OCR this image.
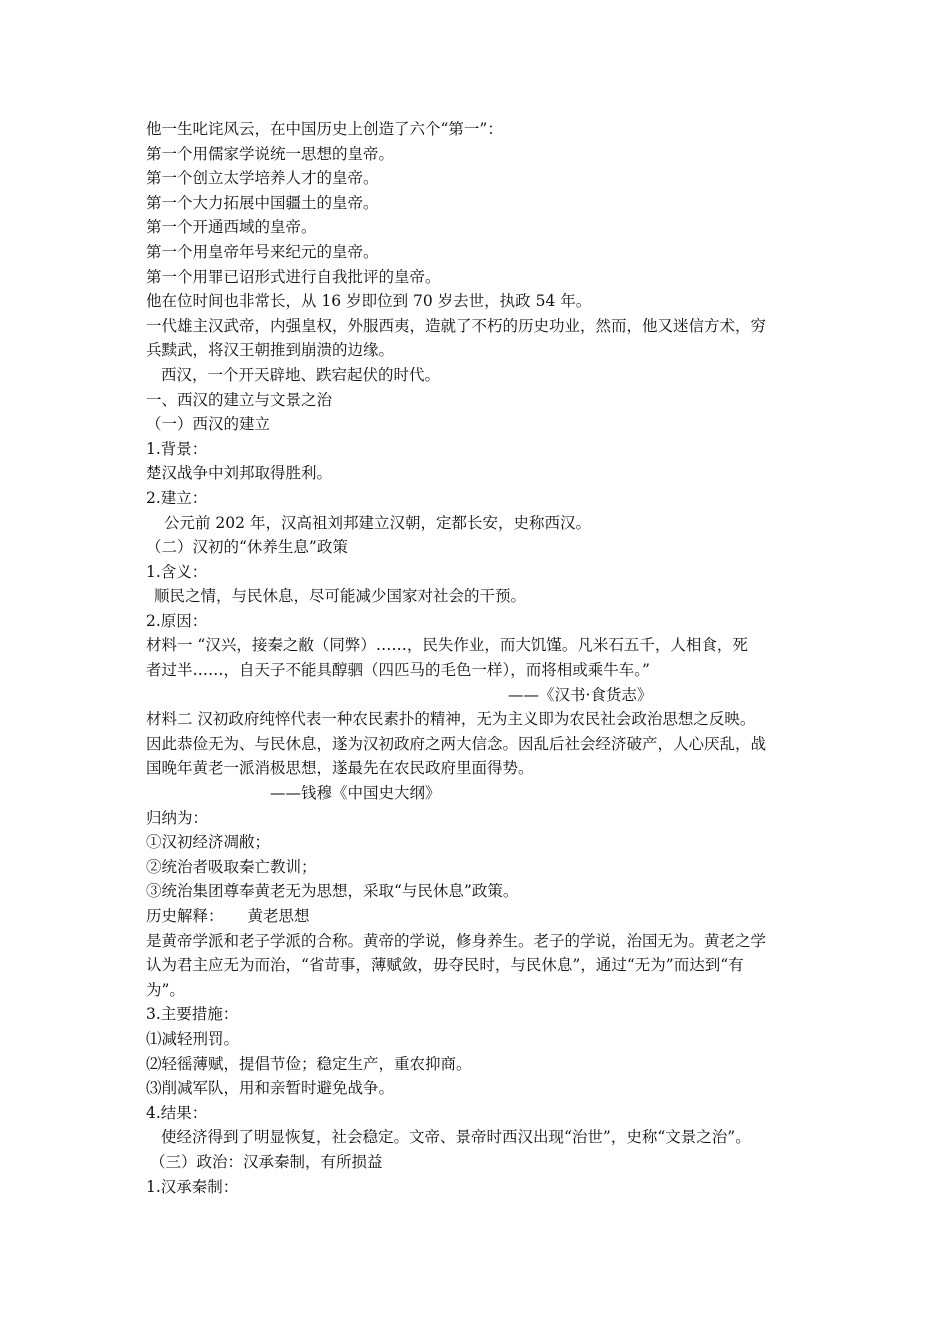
他一生叱诧风云，在中国历史上创造了六个“第一”：
第一个用儒家学说统一思想的皇帝。
第一个创立太学培养人才的皇帝。
第一个大力拓展中国疆土的皇帝。
第一个开通西域的皇帝。
第一个用皇帝年号来纪元的皇帝。
第一个用罪已诏形式进行自我批评的皇帝。
他在位时间也非常长，从 16 岁即位到 70 岁去世，执政 54 年。
一代雄主汉武帝，内强皇权，外服西夷，造就了不朽的历史功业，然而，他又迷信方术，穷
兵黩武，将汉王朝推到崩溃的边缘。
西汉，一个开天辟地、跌宕起伏的时代。
一、西汉的建立与文景之治
（一）西汉的建立
1.背景：
楚汉战争中刘邦取得胜利。
2.建立：
公元前 202 年，汉高祖刘邦建立汉朝，定都长安，史称西汉。
（二）汉初的“休养生息”政策
1.含义：
顺民之情，与民休息，尽可能减少国家对社会的干预。
2.原因：
材料一 “汉兴，接秦之敝（同弊）……，民失作业，而大饥馑。凡米石五千，人相食，死
者过半……，自天子不能具醇驷（四匹马的毛色一样），而将相或乘牛车。”
——《汉书·食货志》
材料二 汉初政府纯悴代表一种农民素扑的精神，无为主义即为农民社会政治思想之反映。
因此恭俭无为、与民休息，遂为汉初政府之两大信念。因乱后社会经济破产，人心厌乱，战
国晚年黄老一派消极思想，遂最先在农民政府里面得势。
——钱穆《中国史大纲》
归纳为：
①汉初经济凋敝；
②统治者吸取秦亡教训；
③统治集团尊奉黄老无为思想，采取“与民休息”政策。
历史解释： 黄老思想
是黄帝学派和老子学派的合称。黄帝的学说，修身养生。老子的学说，治国无为。黄老之学
认为君主应无为而治，“省苛事，薄赋敛，毋夺民时，与民休息”，通过“无为”而达到“有
为”。
3.主要措施：
⑴减轻刑罚。
⑵轻徭薄赋，提倡节俭；稳定生产，重农抑商。
⑶削减军队，用和亲暂时避免战争。
4.结果：
使经济得到了明显恢复，社会稳定。文帝、景帝时西汉出现“治世”，史称“文景之治”。
（三）政治：汉承秦制，有所损益
1.汉承秦制：
